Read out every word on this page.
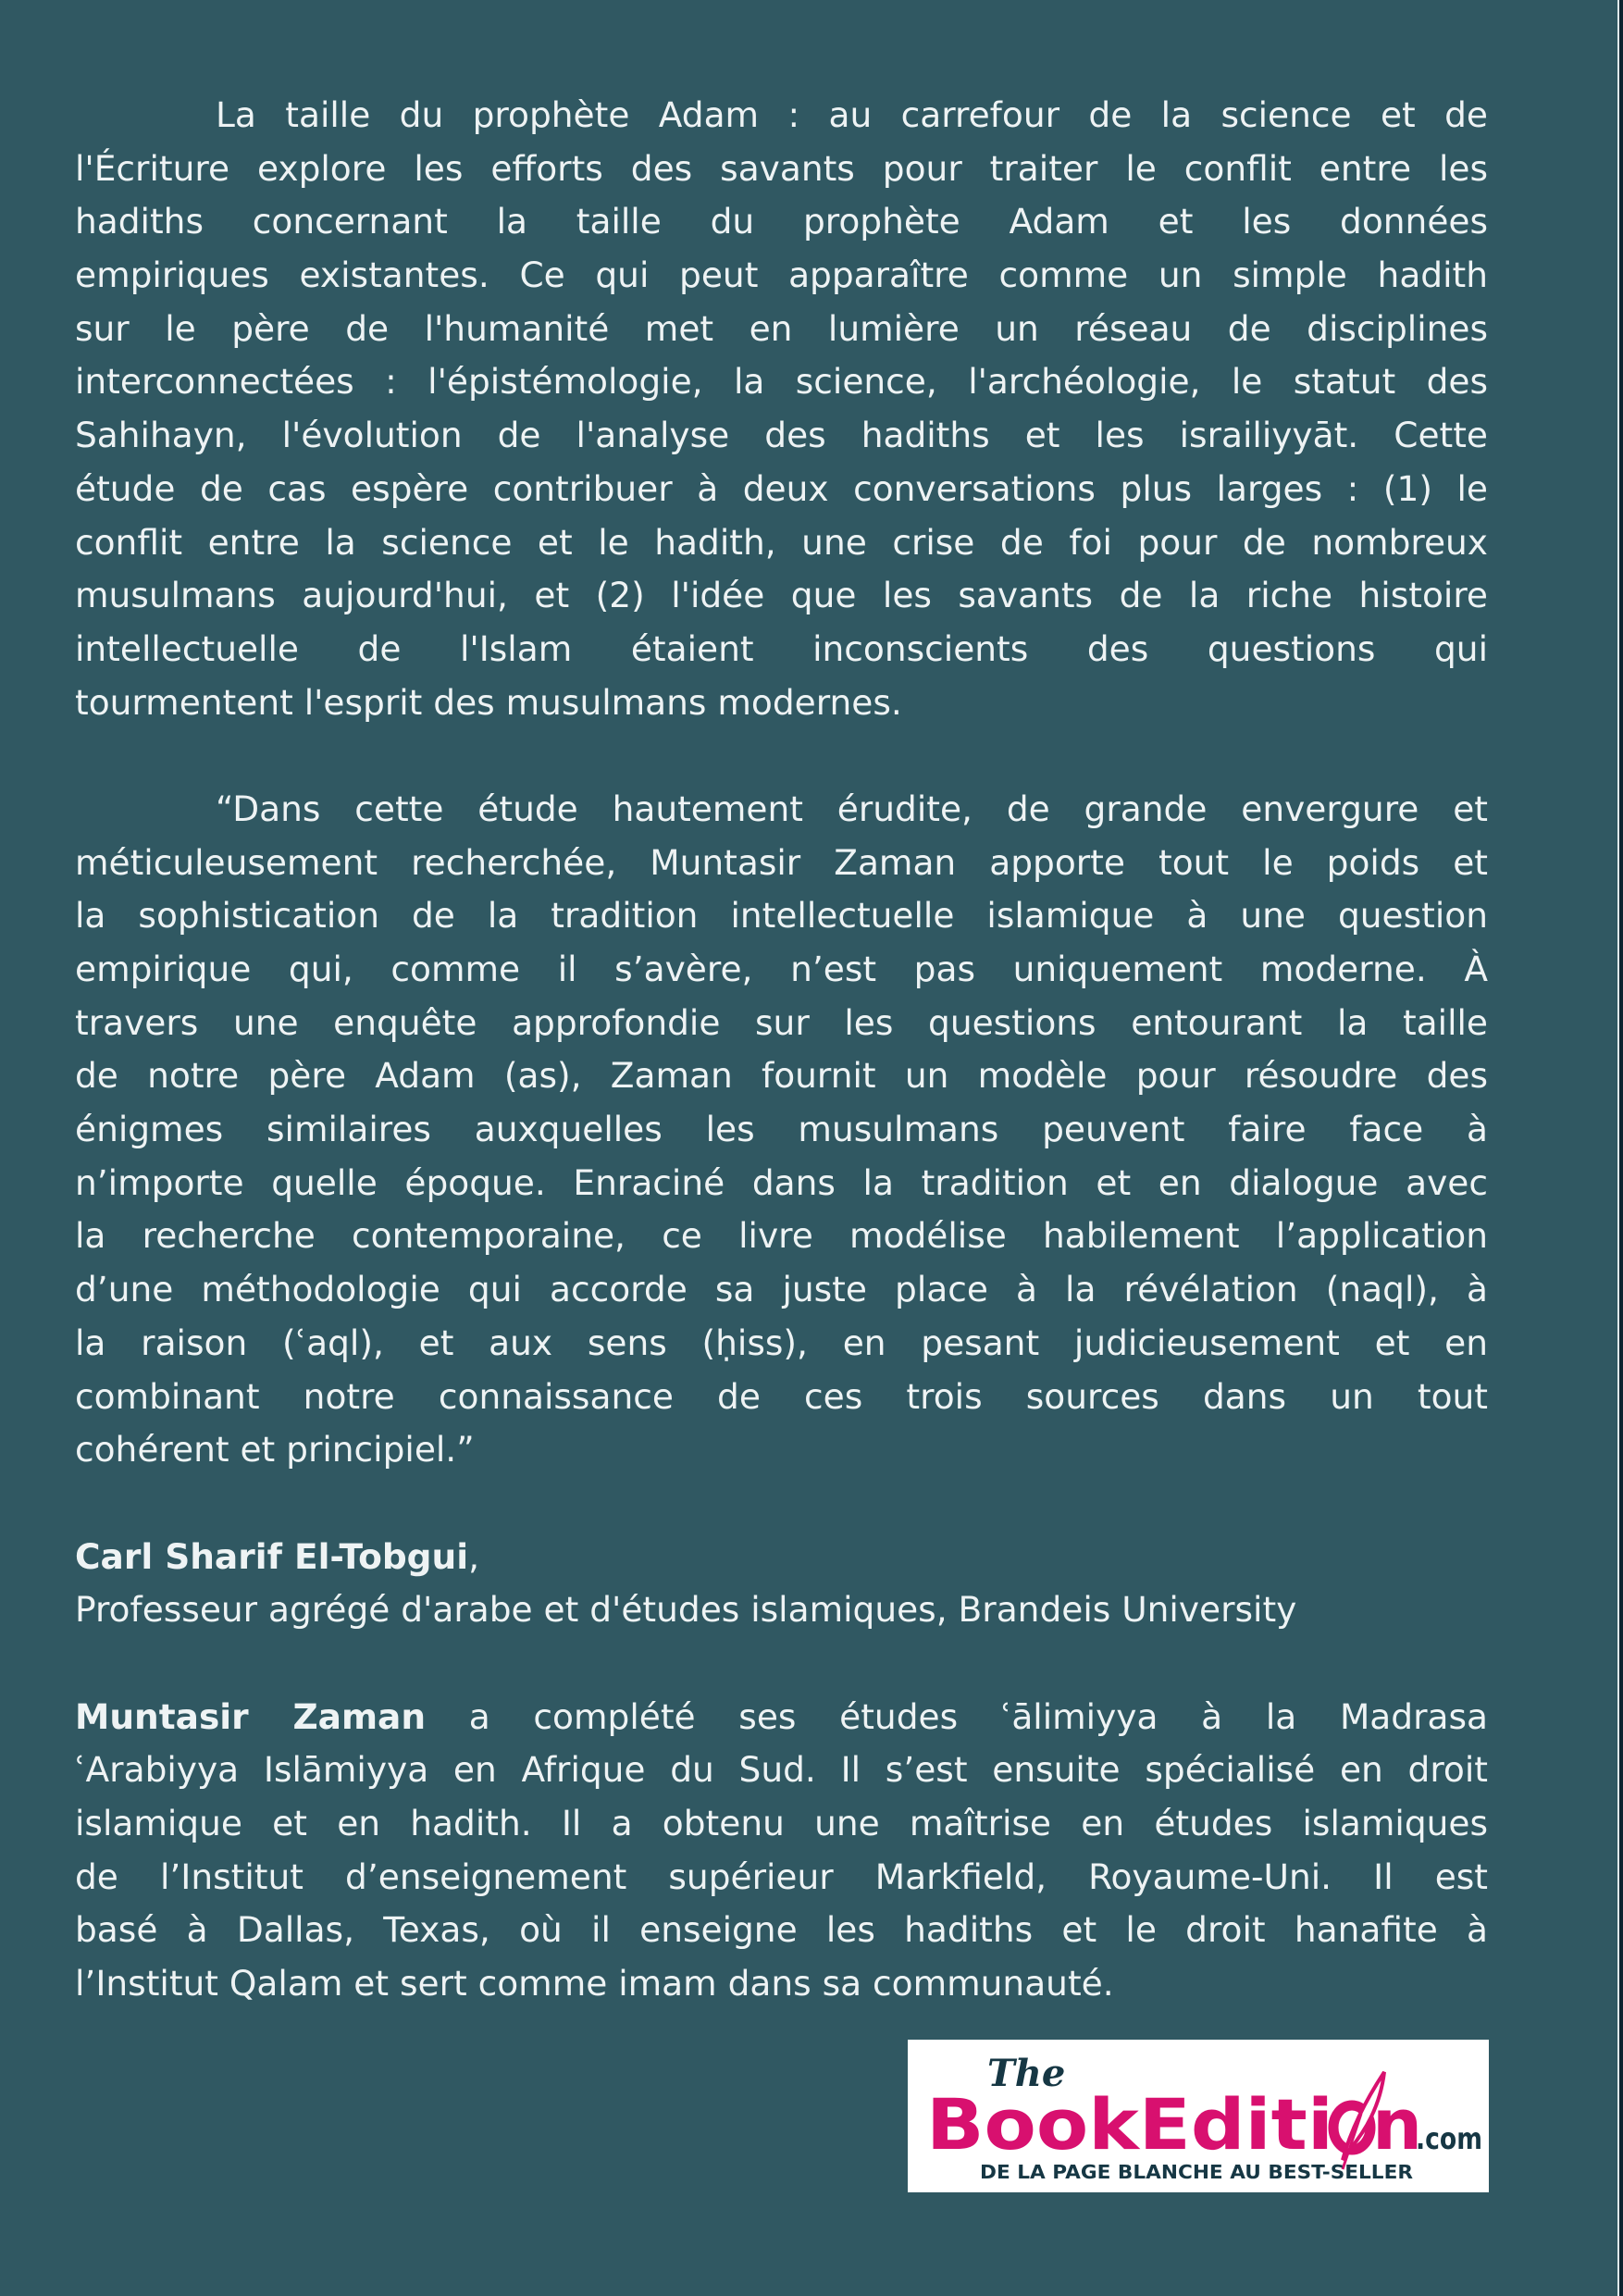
La taille du prophète Adam : au carrefour de la science et de
l'Écriture explore les efforts des savants pour traiter le conflit entre les
hadiths concernant la taille du prophète Adam et les données
empiriques existantes. Ce qui peut apparaître comme un simple hadith
sur le père de l'humanité met en lumière un réseau de disciplines
interconnectées : l'épistémologie, la science, l'archéologie, le statut des
Sahihayn, l'évolution de l'analyse des hadiths et les israiliyyāt. Cette
étude de cas espère contribuer à deux conversations plus larges : (1) le
conflit entre la science et le hadith, une crise de foi pour de nombreux
musulmans aujourd'hui, et (2) l'idée que les savants de la riche histoire
intellectuelle de l'Islam étaient inconscients des questions qui
tourmentent l'esprit des musulmans modernes.
“Dans cette étude hautement érudite, de grande envergure et
méticuleusement recherchée, Muntasir Zaman apporte tout le poids et
la sophistication de la tradition intellectuelle islamique à une question
empirique qui, comme il s’avère, n’est pas uniquement moderne. À
travers une enquête approfondie sur les questions entourant la taille
de notre père Adam (as), Zaman fournit un modèle pour résoudre des
énigmes similaires auxquelles les musulmans peuvent faire face à
n’importe quelle époque. Enraciné dans la tradition et en dialogue avec
la recherche contemporaine, ce livre modélise habilement l’application
d’une méthodologie qui accorde sa juste place à la révélation (naql), à
la raison (ʿaql), et aux sens (ḥiss), en pesant judicieusement et en
combinant notre connaissance de ces trois sources dans un tout
cohérent et principiel.”
Carl Sharif El-Tobgui,
Professeur agrégé d'arabe et d'études islamiques, Brandeis University
Muntasir Zaman a complété ses études ʿālimiyya à la Madrasa
ʿArabiyya Islāmiyya en Afrique du Sud. Il s’est ensuite spécialisé en droit
islamique et en hadith. Il a obtenu une maîtrise en études islamiques
de l’Institut d’enseignement supérieur Markfield, Royaume-Uni. Il est
basé à Dallas, Texas, où il enseigne les hadiths et le droit hanafite à
l’Institut Qalam et sert comme imam dans sa communauté.
The
BookEditi n
.com
DE LA PAGE BLANCHE AU BEST-SELLER
